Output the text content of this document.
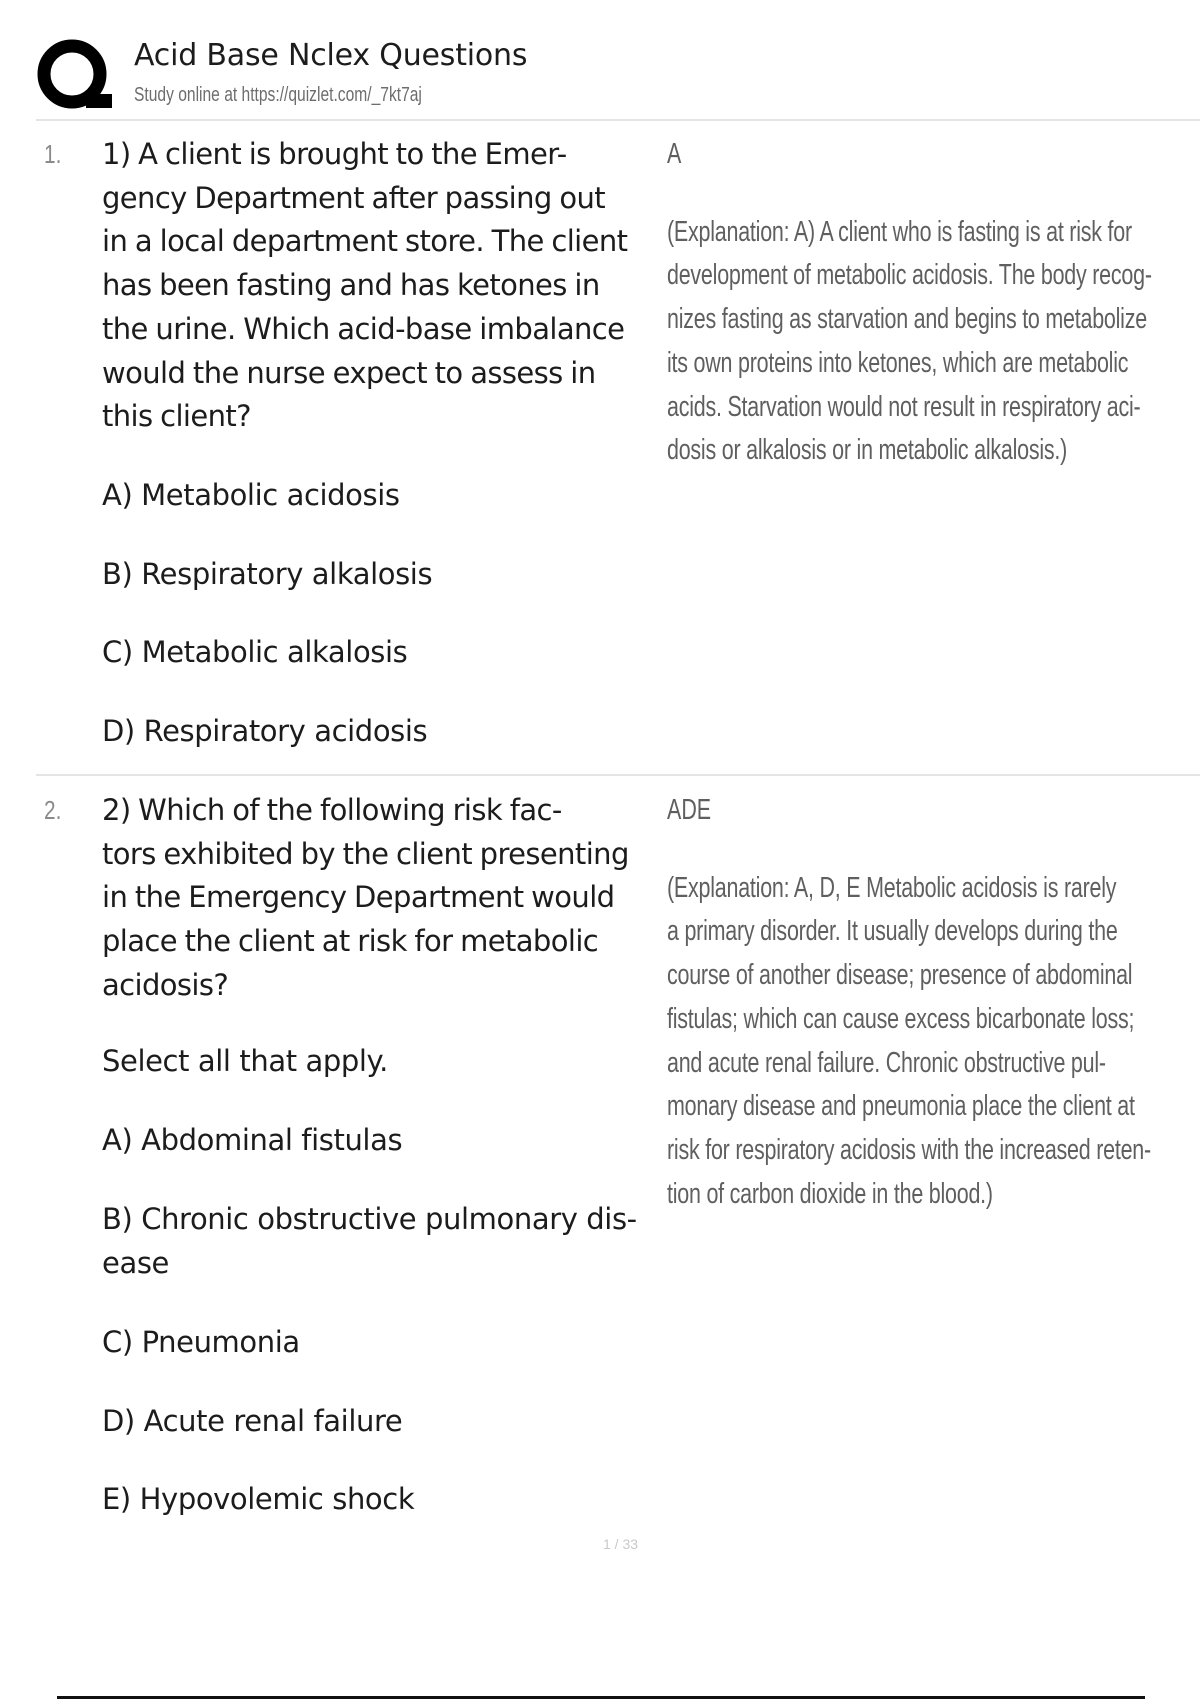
Acid Base Nclex Questions
Study online at https://quizlet.com/_7kt7aj
1. 1) A client is brought to the Emer-
gency Department after passing out
in a local department store. The client
has been fasting and has ketones in
the urine. Which acid-base imbalance
would the nurse expect to assess in
this client?
A) Metabolic acidosis
B) Respiratory alkalosis
C) Metabolic alkalosis
D) Respiratory acidosis
A
(Explanation: A) A client who is fasting is at risk for
development of metabolic acidosis. The body recog-
nizes fasting as starvation and begins to metabolize
its own proteins into ketones, which are metabolic
acids. Starvation would not result in respiratory aci-
dosis or alkalosis or in metabolic alkalosis.)
2. 2) Which of the following risk fac-
tors exhibited by the client presenting
in the Emergency Department would
place the client at risk for metabolic
acidosis?
Select all that apply.
A) Abdominal fistulas
B) Chronic obstructive pulmonary dis-
ease
C) Pneumonia
D) Acute renal failure
E) Hypovolemic shock
ADE
(Explanation: A, D, E Metabolic acidosis is rarely
a primary disorder. It usually develops during the
course of another disease; presence of abdominal
fistulas; which can cause excess bicarbonate loss;
and acute renal failure. Chronic obstructive pul-
monary disease and pneumonia place the client at
risk for respiratory acidosis with the increased reten-
tion of carbon dioxide in the blood.)
1 / 33
